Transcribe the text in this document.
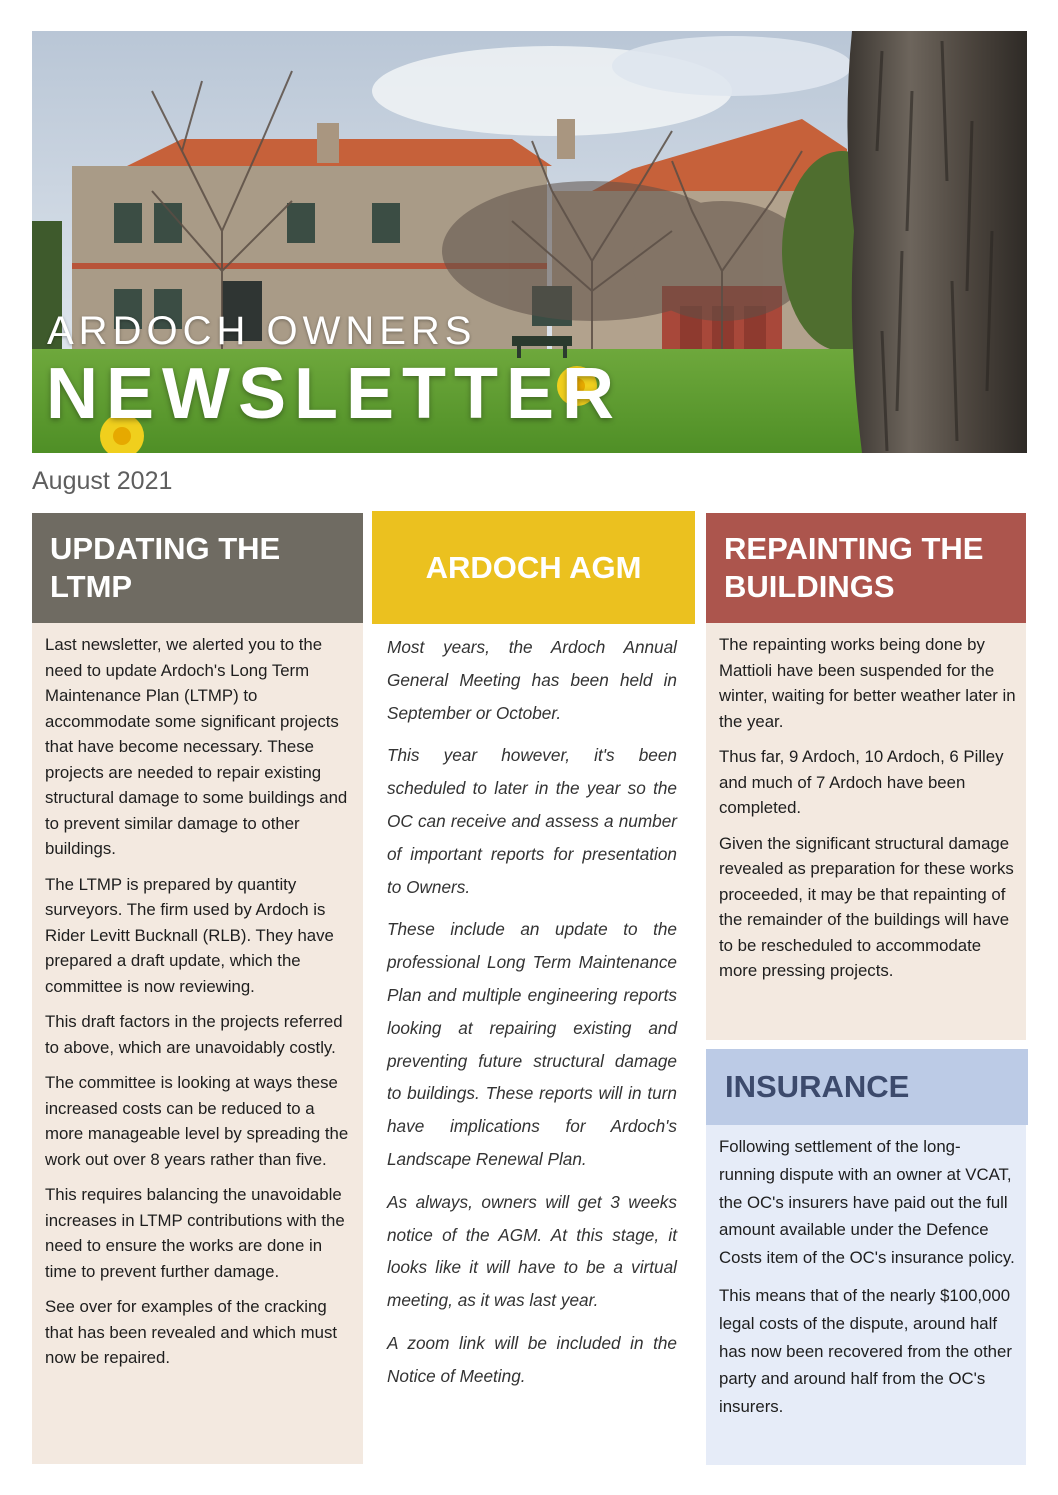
ARDOCH OWNERS
NEWSLETTER
August 2021
UPDATING THE LTMP

Last newsletter, we alerted you to the need to update Ardoch's Long Term Maintenance Plan (LTMP) to accommodate some significant projects that have become necessary. These projects are needed to repair existing structural damage to some buildings and to prevent similar damage to other buildings.

The LTMP is prepared by quantity surveyors. The firm used by Ardoch is Rider Levitt Bucknall (RLB). They have prepared a draft update, which the committee is now reviewing.

This draft factors in the projects referred to above, which are unavoidably costly.

The committee is looking at ways these increased costs can be reduced to a more manageable level by spreading the work out over 8 years rather than five.

This requires balancing the unavoidable increases in LTMP contributions with the need to ensure the works are done in time to prevent further damage.

See over for examples of the cracking that has been revealed and which must now be repaired.

ARDOCH AGM

Most years, the Ardoch Annual General Meeting has been held in September or October.

This year however, it's been scheduled to later in the year so the OC can receive and assess a number of important reports for presentation to Owners.

These include an update to the professional Long Term Maintenance Plan and multiple engineering reports looking at repairing existing and preventing future structural damage to buildings. These reports will in turn have implications for Ardoch's Landscape Renewal Plan.

As always, owners will get 3 weeks notice of the AGM. At this stage, it looks like it will have to be a virtual meeting, as it was last year.

A zoom link will be included in the Notice of Meeting.

REPAINTING THE BUILDINGS

The repainting works being done by Mattioli have been suspended for the winter, waiting for better weather later in the year.

Thus far, 9 Ardoch, 10 Ardoch, 6 Pilley and much of 7 Ardoch have been completed.

Given the significant structural damage revealed as preparation for these works proceeded, it may be that repainting of the remainder of the buildings will have to be rescheduled to accommodate more pressing projects.

INSURANCE

Following settlement of the long-running dispute with an owner at VCAT, the OC's insurers have paid out the full amount available under the Defence Costs item of the OC's insurance policy.

This means that of the nearly $100,000 legal costs of the dispute, around half has now been recovered from the other party and around half from the OC's insurers.
